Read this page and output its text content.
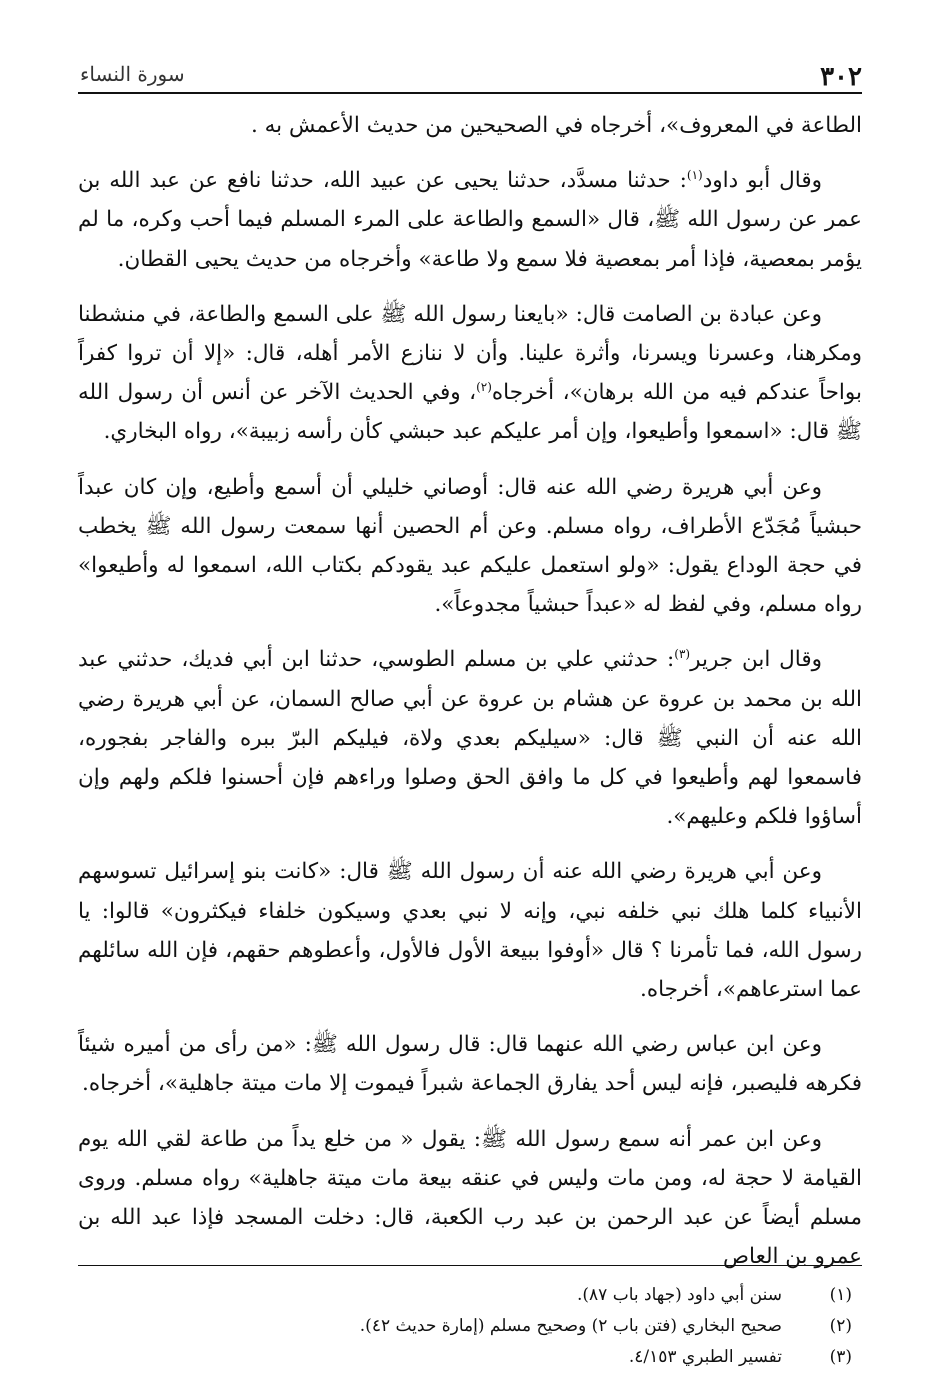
٣٠٢
سورة النساء

الطاعة في المعروف»، أخرجاه في الصحيحين من حديث الأعمش به .

وقال أبو داود$^{(١)}$: حدثنا مسدَّد، حدثنا يحيى عن عبيد الله، حدثنا نافع عن عبد الله بن عمر عن رسول الله ﷺ، قال «السمع والطاعة على المرء المسلم فيما أحب وكره، ما لم يؤمر بمعصية، فإذا أمر بمعصية فلا سمع ولا طاعة» وأخرجاه من حديث يحيى القطان.

وعن عبادة بن الصامت قال: «بايعنا رسول الله ﷺ على السمع والطاعة، في منشطنا ومكرهنا، وعسرنا ويسرنا، وأثرة علينا. وأن لا ننازع الأمر أهله، قال: «إلا أن تروا كفراً بواحاً عندكم فيه من الله برهان»، أخرجاه$^{(٢)}$، وفي الحديث الآخر عن أنس أن رسول الله ﷺ قال: «اسمعوا وأطيعوا، وإن أمر عليكم عبد حبشي كأن رأسه زبيبة»، رواه البخاري.

وعن أبي هريرة رضي الله عنه قال: أوصاني خليلي أن أسمع وأطيع، وإن كان عبداً حبشياً مُجَدّع الأطراف، رواه مسلم. وعن أم الحصين أنها سمعت رسول الله ﷺ يخطب في حجة الوداع يقول: «ولو استعمل عليكم عبد يقودكم بكتاب الله، اسمعوا له وأطيعوا» رواه مسلم، وفي لفظ له «عبداً حبشياً مجدوعاً».

وقال ابن جرير$^{(٣)}$: حدثني علي بن مسلم الطوسي، حدثنا ابن أبي فديك، حدثني عبد الله بن محمد بن عروة عن هشام بن عروة عن أبي صالح السمان، عن أبي هريرة رضي الله عنه أن النبي ﷺ قال: «سيليكم بعدي ولاة، فيليكم البرّ ببره والفاجر بفجوره، فاسمعوا لهم وأطيعوا في كل ما وافق الحق وصلوا وراءهم فإن أحسنوا فلكم ولهم وإن أساؤوا فلكم وعليهم».

وعن أبي هريرة رضي الله عنه أن رسول الله ﷺ قال: «كانت بنو إسرائيل تسوسهم الأنبياء كلما هلك نبي خلفه نبي، وإنه لا نبي بعدي وسيكون خلفاء فيكثرون» قالوا: يا رسول الله، فما تأمرنا ؟ قال «أوفوا ببيعة الأول فالأول، وأعطوهم حقهم، فإن الله سائلهم عما استرعاهم»، أخرجاه.

وعن ابن عباس رضي الله عنهما قال: قال رسول الله ﷺ: «من رأى من أميره شيئاً فكرهه فليصبر، فإنه ليس أحد يفارق الجماعة شبراً فيموت إلا مات ميتة جاهلية»، أخرجاه.

وعن ابن عمر أنه سمع رسول الله ﷺ: يقول « من خلع يداً من طاعة لقي الله يوم القيامة لا حجة له، ومن مات وليس في عنقه بيعة مات ميتة جاهلية» رواه مسلم. وروى مسلم أيضاً عن عبد الرحمن بن عبد رب الكعبة، قال: دخلت المسجد فإذا عبد الله بن عمرو بن العاص

(١)
سنن أبي داود (جهاد باب ٨٧).
(٢)
صحيح البخاري (فتن باب ٢) وصحيح مسلم (إمارة حديث ٤٢).
(٣)
تفسير الطبري ٤/١٥٣.
